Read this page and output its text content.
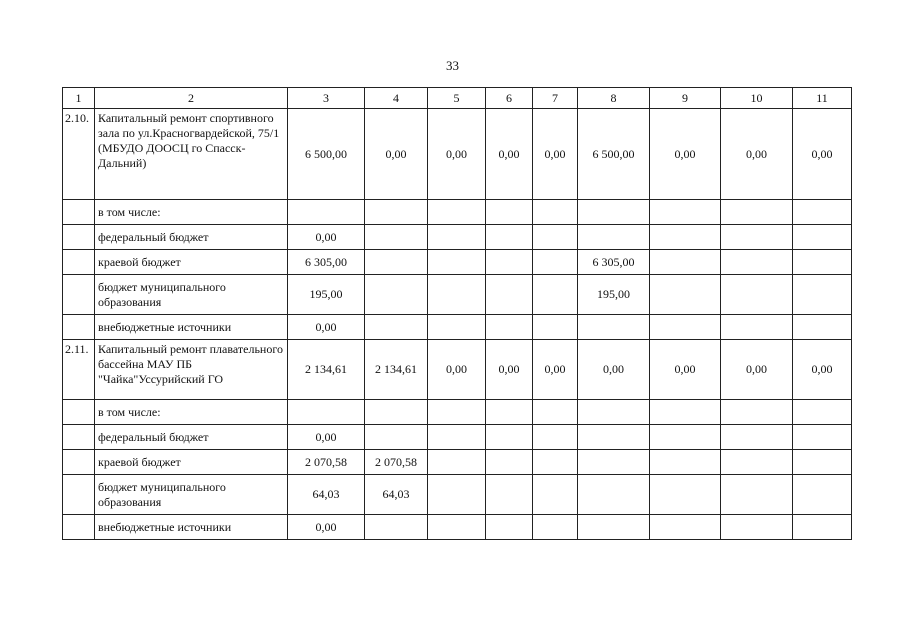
33
1	2	3	4	5	6	7	8	9	10	11
2.10.	Капитальный ремонт спортивного зала по ул.Красногвардейской, 75/1 (МБУДО ДООСЦ го Спасск-Дальний)	6 500,00	0,00	0,00	0,00	0,00	6 500,00	0,00	0,00	0,00
	в том числе:									
	федеральный бюджет	0,00								
	краевой бюджет	6 305,00					6 305,00			
	бюджет муниципального образования	195,00					195,00			
	внебюджетные источники	0,00								
2.11.	Капитальный ремонт плавательного бассейна МАУ ПБ "Чайка"Уссурийский ГО	2 134,61	2 134,61	0,00	0,00	0,00	0,00	0,00	0,00	0,00
	в том числе:									
	федеральный бюджет	0,00								
	краевой бюджет	2 070,58	2 070,58							
	бюджет муниципального образования	64,03	64,03							
	внебюджетные источники	0,00								
